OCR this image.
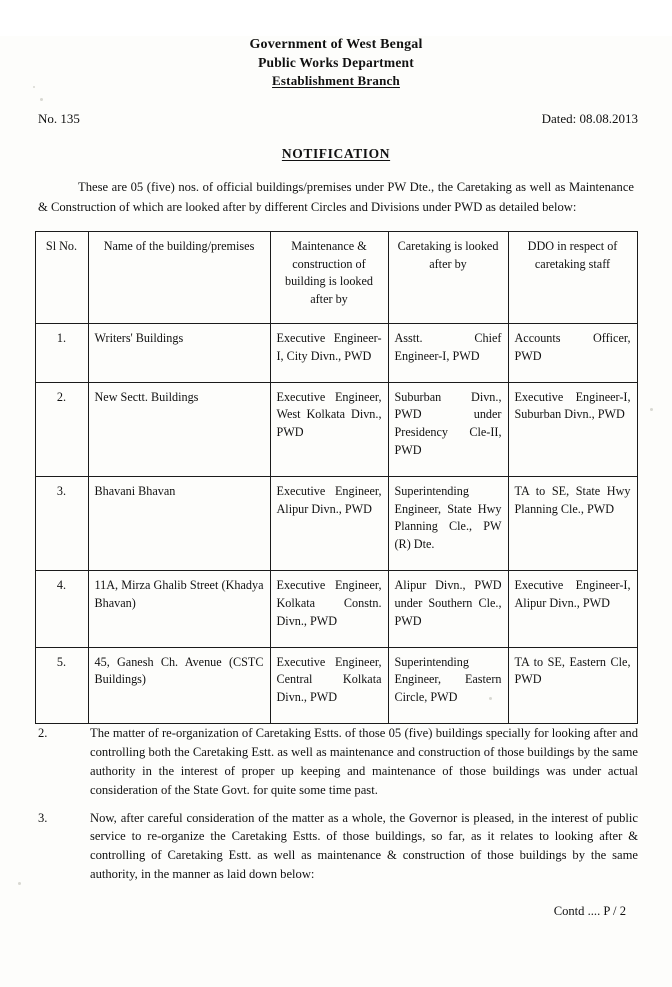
Government of West Bengal
Public Works Department
Establishment Branch
No. 135	Dated: 08.08.2013
NOTIFICATION
These are 05 (five) nos. of official buildings/premises under PW Dte., the Caretaking as well as Maintenance & Construction of which are looked after by different Circles and Divisions under PWD as detailed below:
Sl No.	Name of the building/premises	Maintenance & construction of building is looked after by	Caretaking is looked after by	DDO in respect of caretaking staff

1.	Writers' Buildings	Executive Engineer-I, City Divn., PWD	Asstt. Chief Engineer-I, PWD	Accounts Officer, PWD
2.	New Sectt. Buildings	Executive Engineer, West Kolkata Divn., PWD	Suburban Divn., PWD under Presidency Cle-II, PWD	Executive Engineer-I, Suburban Divn., PWD
3.	Bhavani Bhavan	Executive Engineer, Alipur Divn., PWD	Superintending Engineer, State Hwy Planning Cle., PW (R) Dte.	TA to SE, State Hwy Planning Cle., PWD
4.	11A, Mirza Ghalib Street (Khadya Bhavan)	Executive Engineer, Kolkata Constn. Divn., PWD	Alipur Divn., PWD under Southern Cle., PWD	Executive Engineer-I, Alipur Divn., PWD
5.	45, Ganesh Ch. Avenue (CSTC Buildings)	Executive Engineer, Central Kolkata Divn., PWD	Superintending Engineer, Eastern Circle, PWD	TA to SE, Eastern Cle, PWD
2.	The matter of re-organization of Caretaking Estts. of those 05 (five) buildings specially for looking after and controlling both the Caretaking Estt. as well as maintenance and construction of those buildings by the same authority in the interest of proper up keeping and maintenance of those buildings was under actual consideration of the State Govt. for quite some time past.
3.	Now, after careful consideration of the matter as a whole, the Governor is pleased, in the interest of public service to re-organize the Caretaking Estts. of those buildings, so far, as it relates to looking after & controlling of Caretaking Estt. as well as maintenance & construction of those buildings by the same authority, in the manner as laid down below:
Contd .... P / 2
